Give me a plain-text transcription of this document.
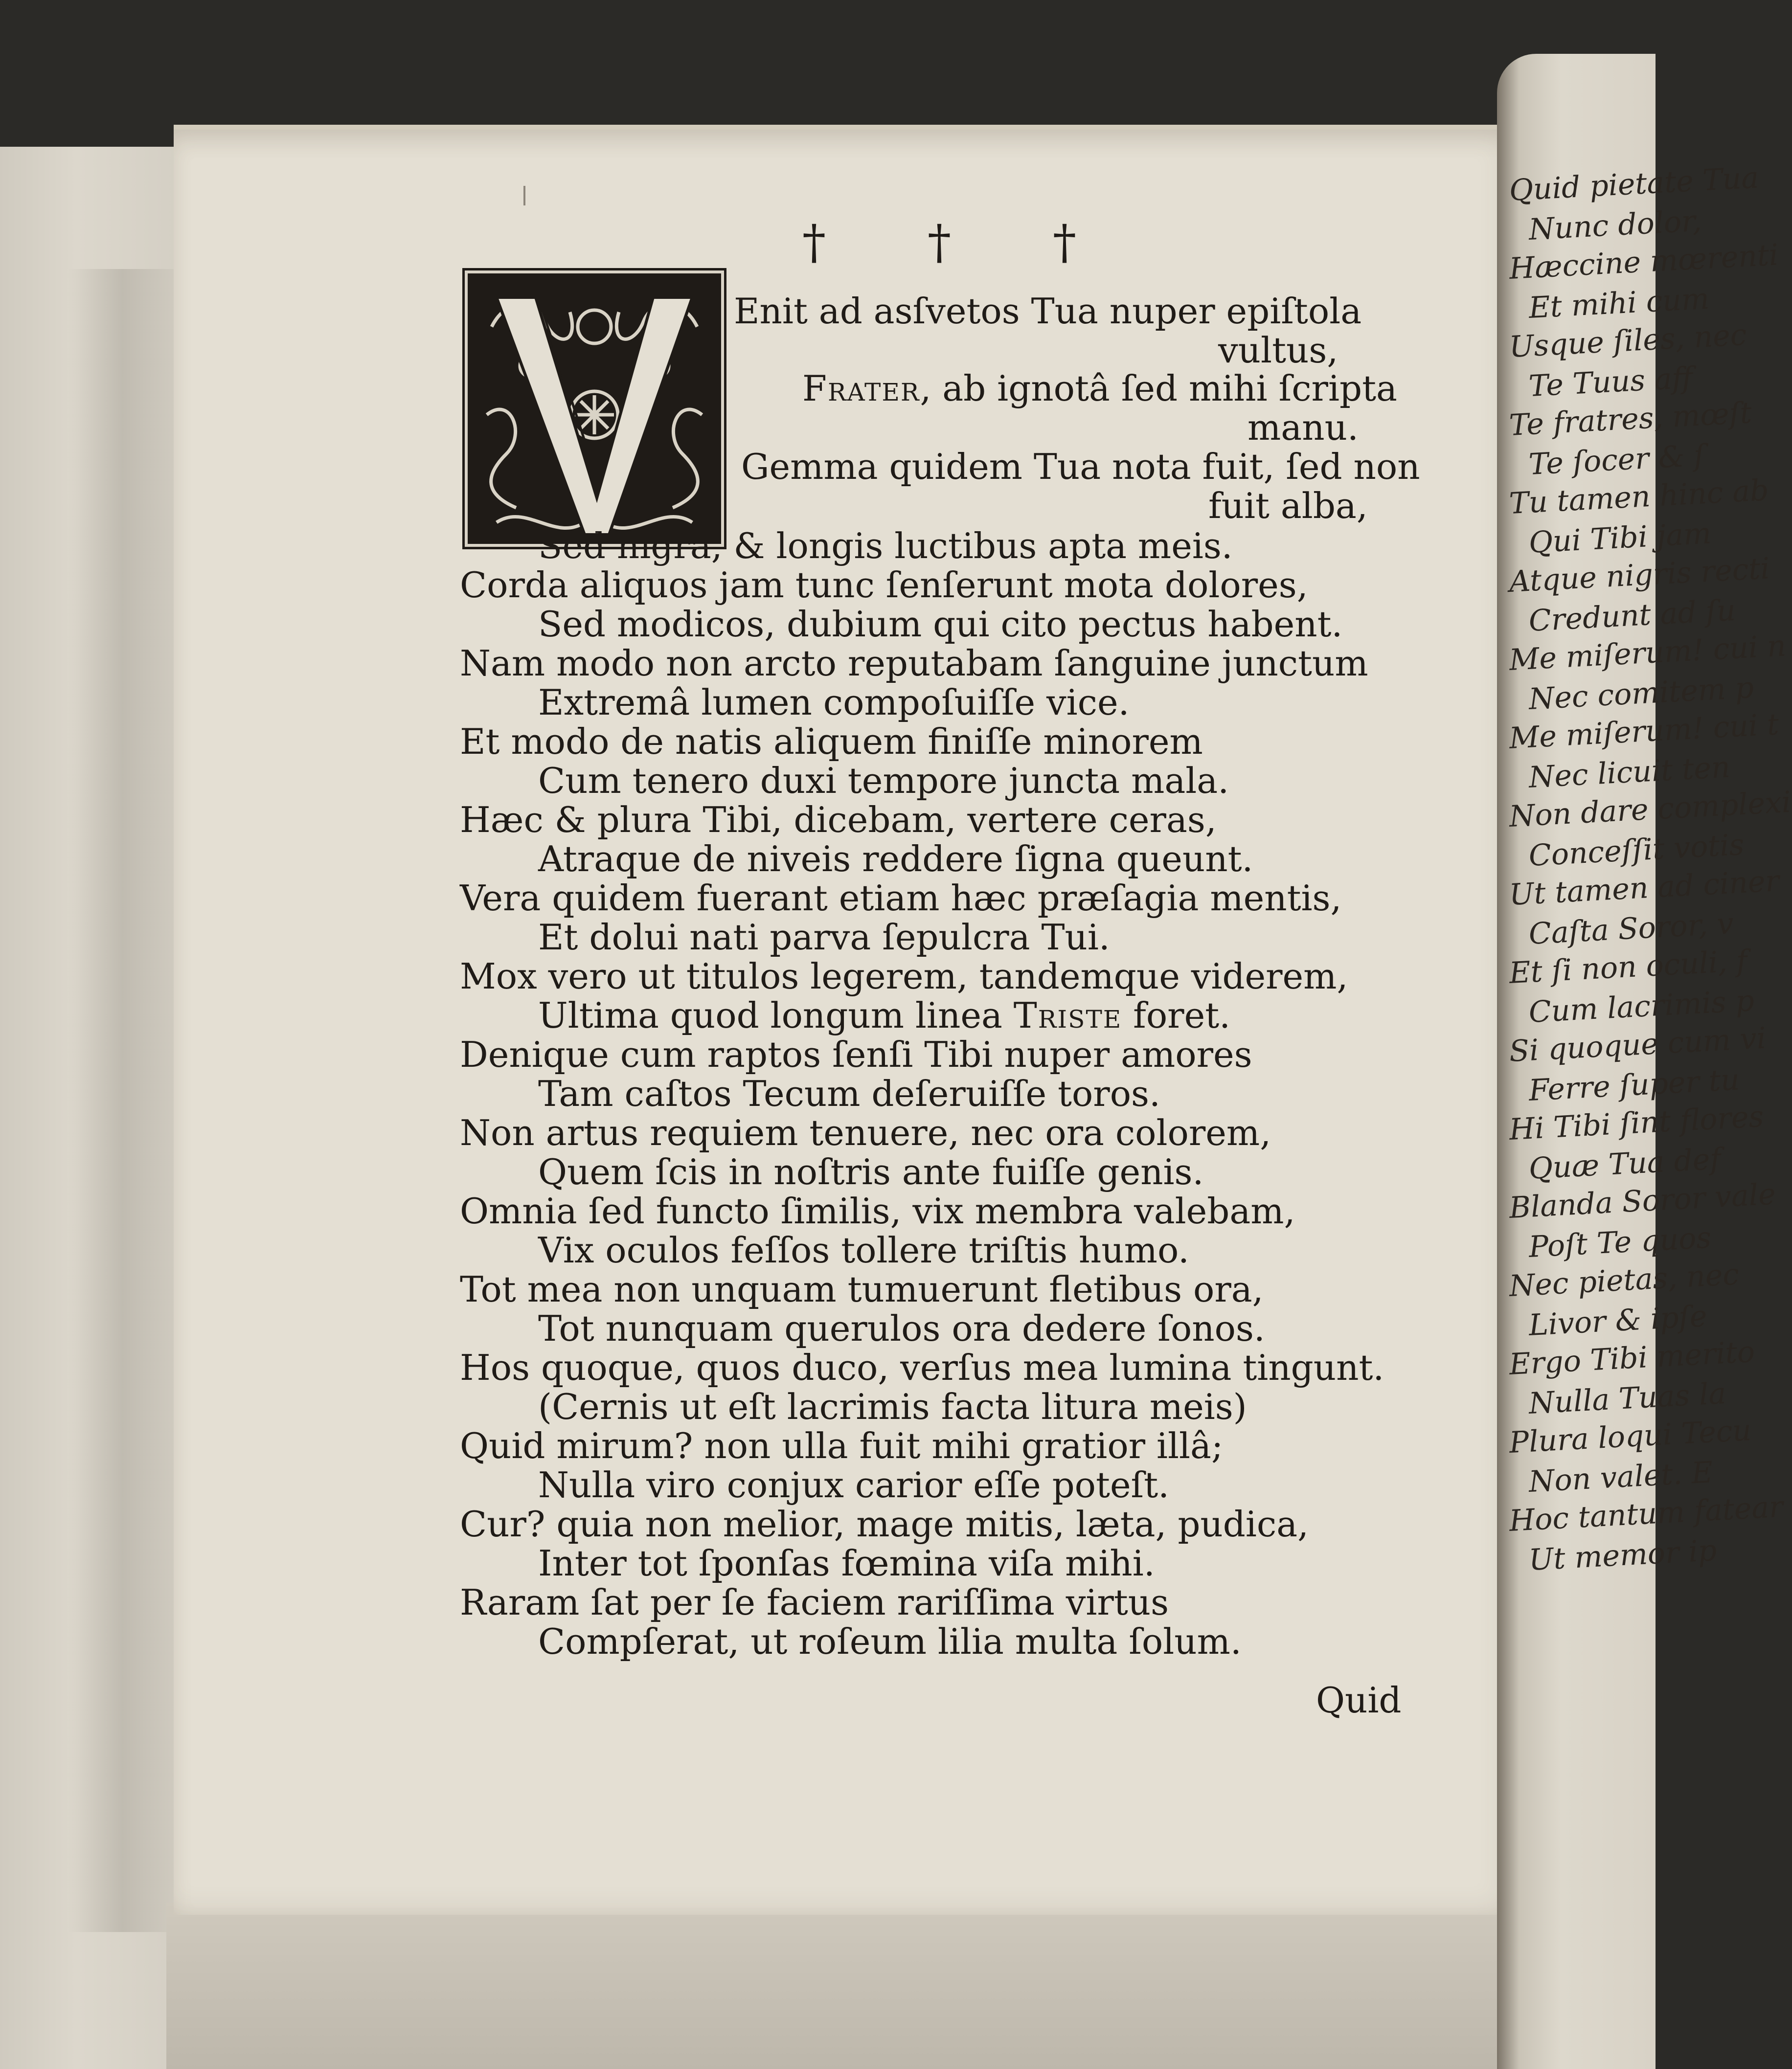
† † †
Enit ad asſvetos Tua nuper epiſtola
vultus,
Frater, ab ignotâ ſed mihi ſcripta
manu.
Gemma quidem Tua nota fuit, ſed non
fuit alba,
Sed nigra, & longis luctibus apta meis.
Corda aliquos jam tunc ſenſerunt mota dolores,
Sed modicos, dubium qui cito pectus habent.
Nam modo non arcto reputabam ſanguine junctum
Extremâ lumen compoſuiſſe vice.
Et modo de natis aliquem finiſſe minorem
Cum tenero duxi tempore juncta mala.
Hæc & plura Tibi, dicebam, vertere ceras,
Atraque de niveis reddere ſigna queunt.
Vera quidem fuerant etiam hæc præſagia mentis,
Et dolui nati parva ſepulcra Tui.
Mox vero ut titulos legerem, tandemque viderem,
Ultima quod longum linea Triste foret.
Denique cum raptos ſenſi Tibi nuper amores
Tam caſtos Tecum deſeruiſſe toros.
Non artus requiem tenuere, nec ora colorem,
Quem ſcis in noſtris ante fuiſſe genis.
Omnia ſed functo ſimilis, vix membra valebam,
Vix oculos feſſos tollere triſtis humo.
Tot mea non unquam tumuerunt fletibus ora,
Tot nunquam querulos ora dedere ſonos.
Hos quoque, quos duco, verſus mea lumina tingunt.
(Cernis ut eſt lacrimis facta litura meis)
Quid mirum? non ulla fuit mihi gratior illâ;
Nulla viro conjux carior eſſe poteſt.
Cur? quia non melior, mage mitis, læta, pudica,
Inter tot ſponſas fœmina viſa mihi.
Raram ſat per ſe faciem rariſſima virtus
Compſerat, ut roſeum lilia multa ſolum.
Quid
Quid pietate Tua
Nunc dolor,
Hæccine mœrenti
Et mihi cum
Usque ſiles, nec
Te Tuus aff
Te fratres, mœſt
Te ſocer & ſ
Tu tamen hinc ab
Qui Tibi jam
Atque nigris recti
Credunt ad ſu
Me miſerum! cui n
Nec comitem p
Me miſerum! cui t
Nec licuit ten
Non dare complexi
Conceſſit votis
Ut tamen ad ciner
Caſta Soror, v
Et ſi non oculi, f
Cum lacrimis p
Si quoque cum vi
Ferre ſuper tu
Hi Tibi ſint flores
Quæ Tua def
Blanda Soror vale
Poſt Te quos
Nec pietas, nec
Livor & ipſe
Ergo Tibi merito
Nulla Tuas la
Plura loqui Tecu
Non valet. E
Hoc tantum fatear
Ut memor ip
